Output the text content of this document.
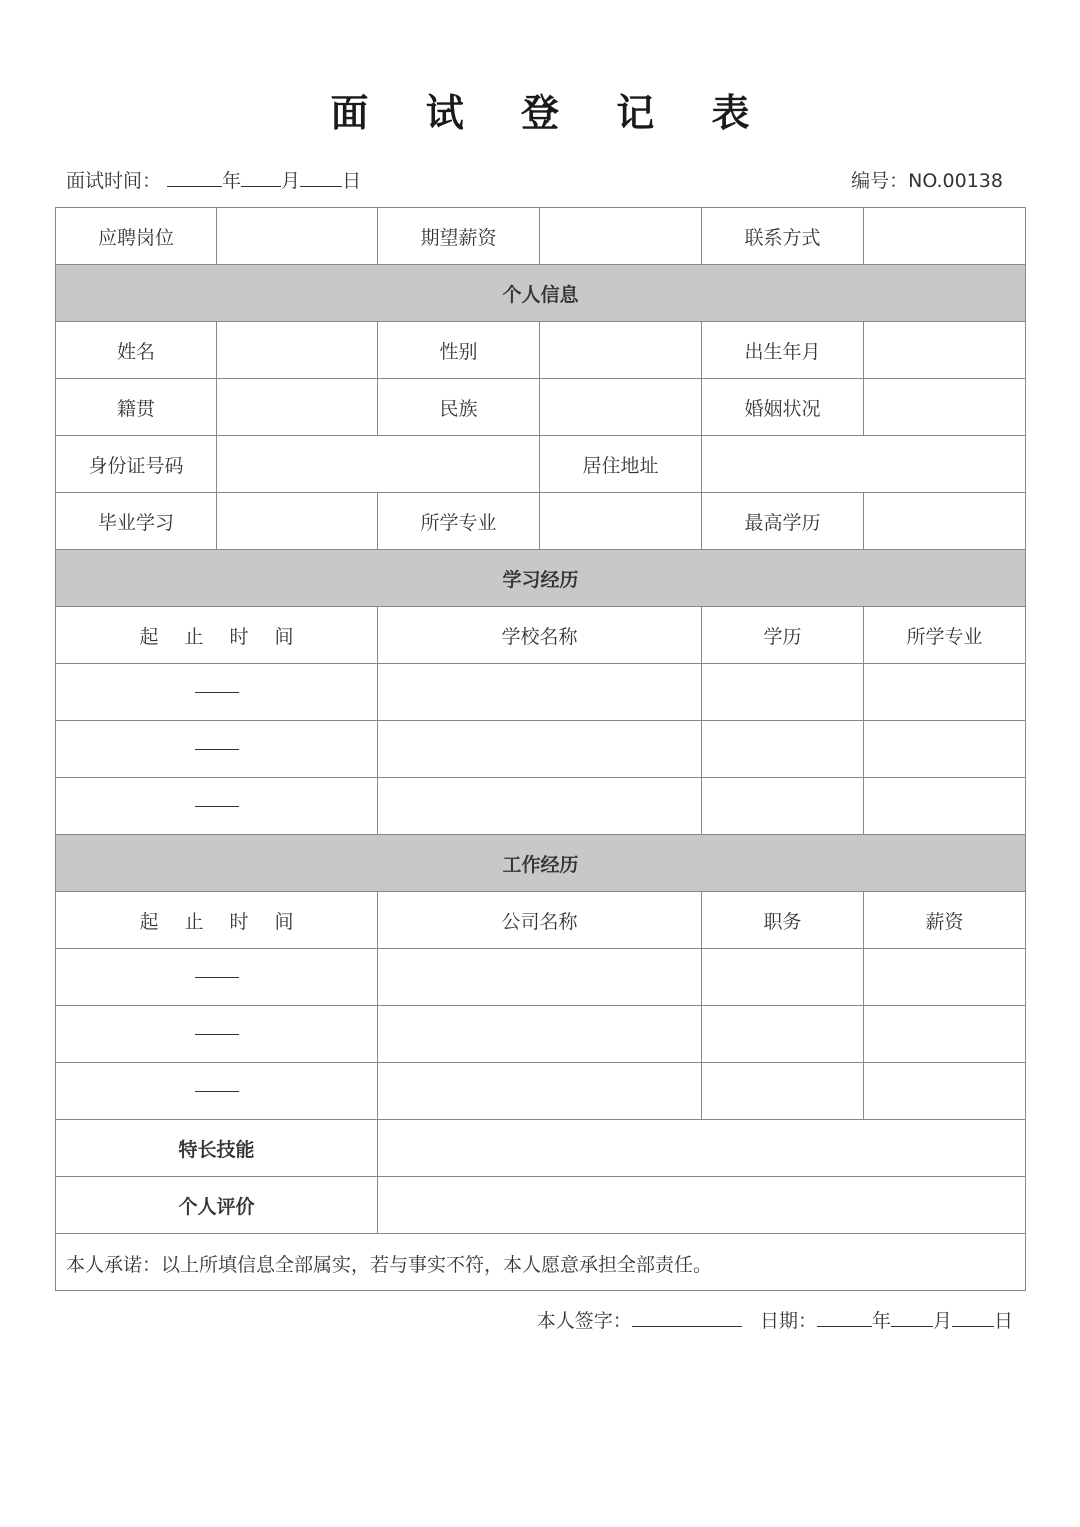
面 试 登 记 表
面试时间：	年 月 日	编号：NO.00138
应聘岗位		期望薪资		联系方式	
个人信息					
姓名		性别		出生年月	
籍贯		民族		婚姻状况	
身份证号码			居住地址		
毕业学习		所学专业		最高学历	
学习经历					
起 止 时 间		学校名称		学历	所学专业

工作经历					
起 止 时 间		公司名称		职务	薪资

特长技能					
个人评价					

本人承诺：以上所填信息全部属实，若与事实不符，本人愿意承担全部责任。
本人签字： 日期： 年 月 日					
